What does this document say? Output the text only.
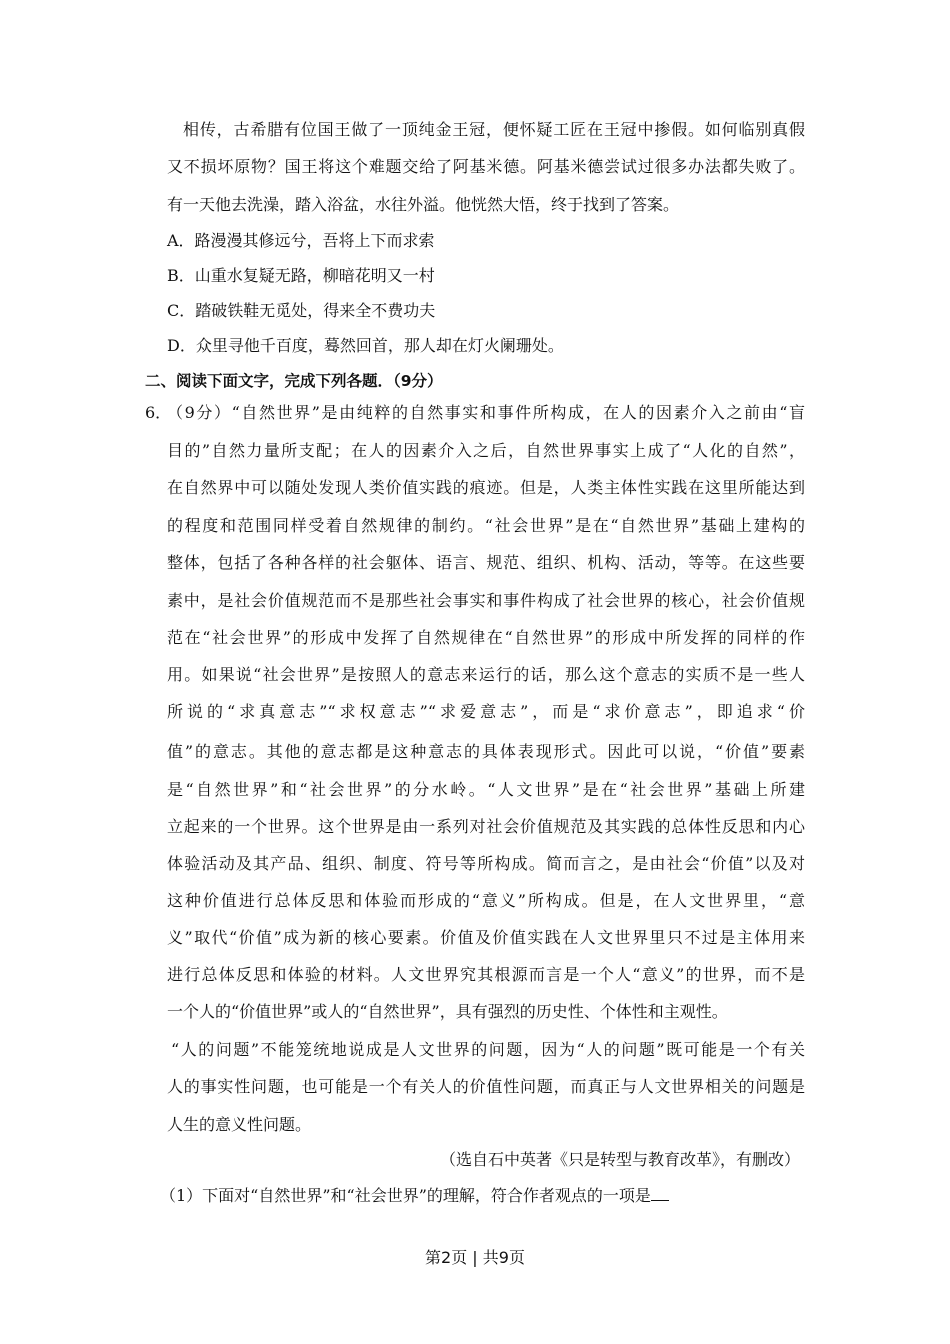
相传，古希腊有位国王做了一顶纯金王冠，便怀疑工匠在王冠中掺假。如何临别真假
又不损坏原物？国王将这个难题交给了阿基米德。阿基米德尝试过很多办法都失败了。
有一天他去洗澡，踏入浴盆，水往外溢。他恍然大悟，终于找到了答案。
A．路漫漫其修远兮，吾将上下而求索
B．山重水复疑无路，柳暗花明又一村
C．踏破铁鞋无觅处，得来全不费功夫
D．众里寻他千百度，蓦然回首，那人却在灯火阑珊处。
二、阅读下面文字，完成下列各题．（9分）
6．
（9分）“自然世界”是由纯粹的自然事实和事件所构成，在人的因素介入之前由“盲
目的”自然力量所支配；在人的因素介入之后，自然世界事实上成了“人化的自然”，
在自然界中可以随处发现人类价值实践的痕迹。但是，人类主体性实践在这里所能达到
的程度和范围同样受着自然规律的制约。“社会世界”是在“自然世界”基础上建构的
整体，包括了各种各样的社会躯体、语言、规范、组织、机构、活动，等等。在这些要
素中，是社会价值规范而不是那些社会事实和事件构成了社会世界的核心，社会价值规
范在“社会世界”的形成中发挥了自然规律在“自然世界”的形成中所发挥的同样的作
用。如果说“社会世界”是按照人的意志来运行的话，那么这个意志的实质不是一些人
所说的“求真意志”“求权意志”“求爱意志”，而是“求价意志”，即追求“价
值”的意志。其他的意志都是这种意志的具体表现形式。因此可以说，“价值”要素
是“自然世界”和“社会世界”的分水岭。“人文世界”是在“社会世界”基础上所建
立起来的一个世界。这个世界是由一系列对社会价值规范及其实践的总体性反思和内心
体验活动及其产品、组织、制度、符号等所构成。简而言之，是由社会“价值”以及对
这种价值进行总体反思和体验而形成的“意义”所构成。但是，在人文世界里，“意
义”取代“价值”成为新的核心要素。价值及价值实践在人文世界里只不过是主体用来
进行总体反思和体验的材料。人文世界究其根源而言是一个人“意义”的世界，而不是
一个人的“价值世界”或人的“自然世界”，具有强烈的历史性、个体性和主观性。
“人的问题”不能笼统地说成是人文世界的问题，因为“人的问题”既可能是一个有关
人的事实性问题，也可能是一个有关人的价值性问题，而真正与人文世界相关的问题是
人生的意义性问题。
（选自石中英著《只是转型与教育改革》，有删改）
（1）下面对“自然世界”和“社会世界”的理解，符合作者观点的一项是
第2页 | 共9页
